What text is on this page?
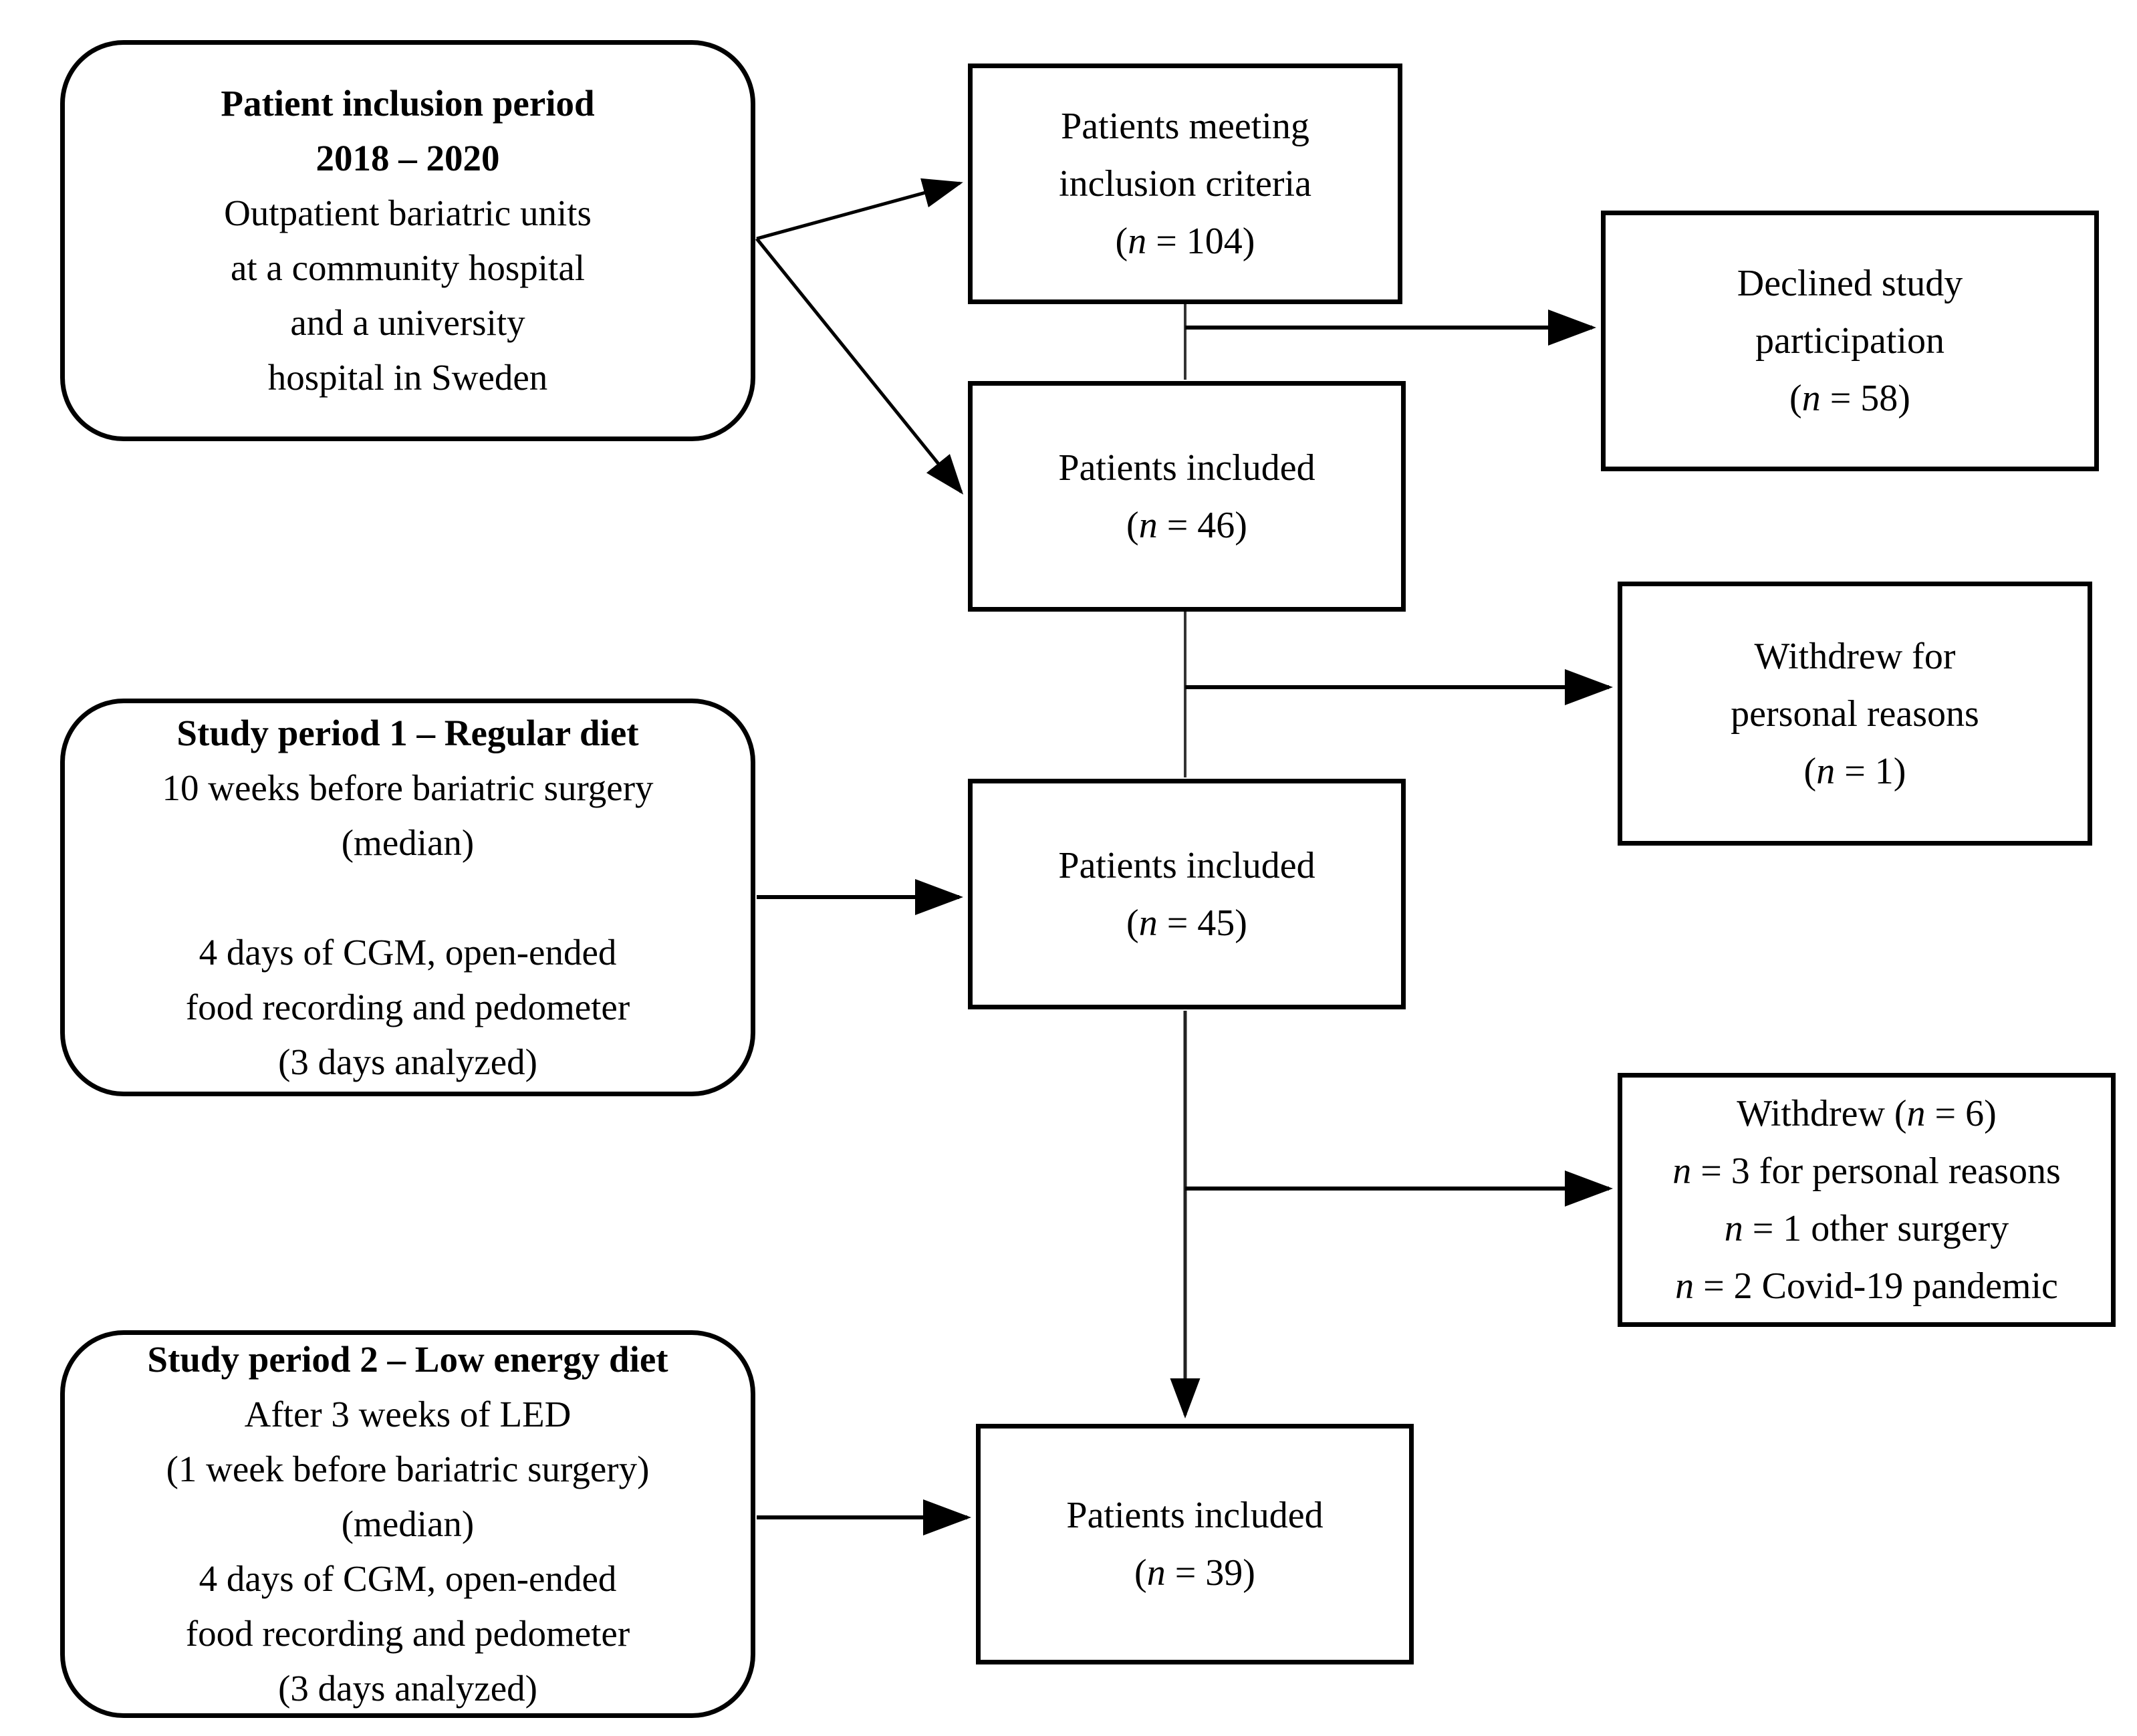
Patient inclusion period
2018 – 2020
Outpatient bariatric units
at a community hospital
and a university
hospital in Sweden
Patients meeting
inclusion criteria
(n = 104)
Declined study
participation
(n = 58)
Patients included
(n = 46)
Withdrew for
personal reasons
(n = 1)
Study period 1 – Regular diet
10 weeks before bariatric surgery
(median)
4 days of CGM, open-ended
food recording and pedometer
(3 days analyzed)
Patients included
(n = 45)
Withdrew (n = 6)
n = 3 for personal reasons
n = 1 other surgery
n = 2 Covid-19 pandemic
Study period 2 – Low energy diet
After 3 weeks of LED
(1 week before bariatric surgery)
(median)
4 days of CGM, open-ended
food recording and pedometer
(3 days analyzed)
Patients included
(n = 39)
